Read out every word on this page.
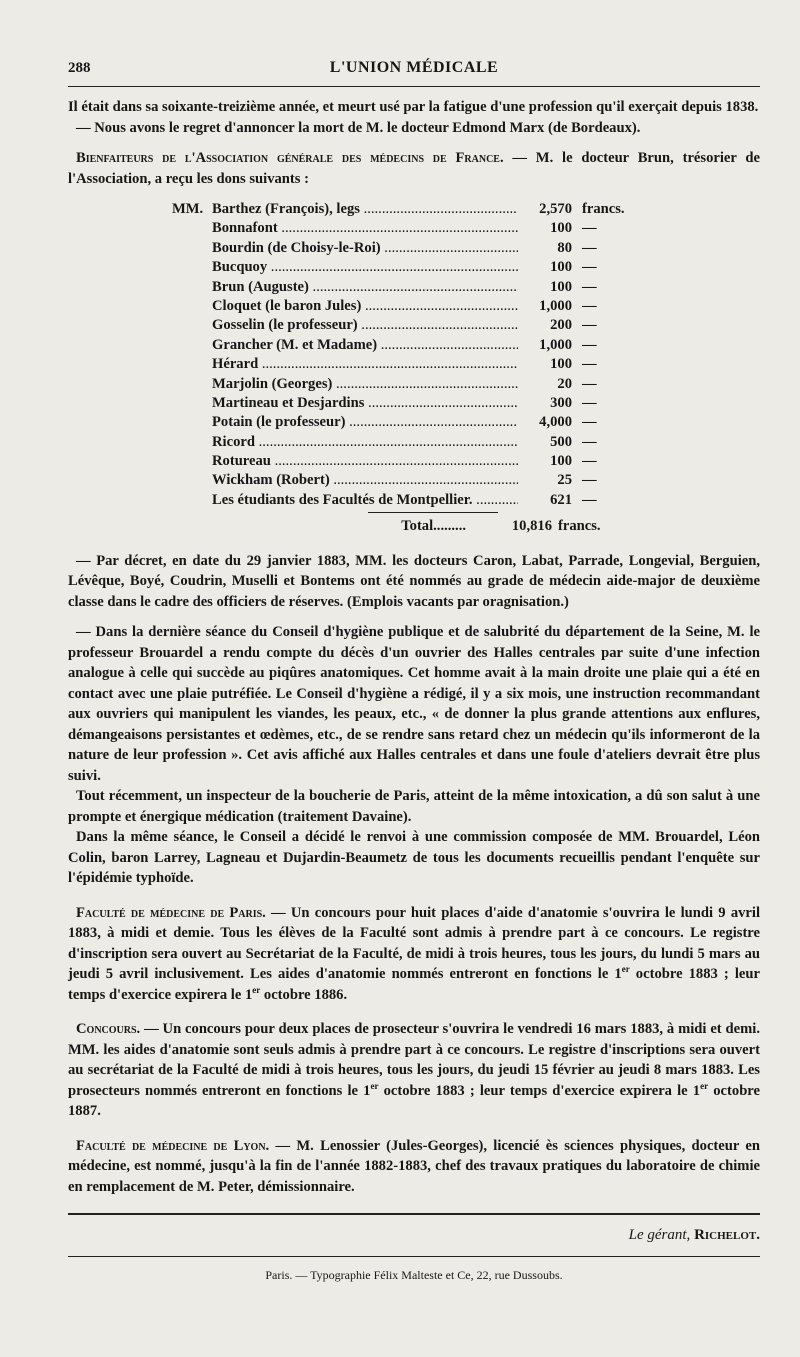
288	L'UNION MÉDICALE

Il était dans sa soixante-treizième année, et meurt usé par la fatigue d'une profession qu'il exerçait depuis 1838.

— Nous avons le regret d'annoncer la mort de M. le docteur Edmond Marx (de Bordeaux).

Bienfaiteurs de l'Association générale des médecins de France. — M. le docteur Brun, trésorier de l'Association, a reçu les dons suivants :

MM. Barthez (François), legs .....	2,570 francs.
Bonnafont .....	100 —
Bourdin (de Choisy-le-Roi) .....	80 —
Bucquoy .....	100 —
Brun (Auguste) .....	100 —
Cloquet (le baron Jules) .....	1,000 —
Gosselin (le professeur) .....	200 —
Grancher (M. et Madame) .....	1,000 —
Hérard .....	100 —
Marjolin (Georges) .....	20 —
Martineau et Desjardins .....	300 —
Potain (le professeur) .....	4,000 —
Ricord .....	500 —
Rotureau .....	100 —
Wickham (Robert) .....	25 —
Les étudiants des Facultés de Montpellier. .....	621 —
Total.........	10,816 francs.

— Par décret, en date du 29 janvier 1883, MM. les docteurs Caron, Labat, Parrade, Longevial, Berguien, Lévêque, Boyé, Coudrin, Muselli et Bontems ont été nommés au grade de médecin aide-major de deuxième classe dans le cadre des officiers de réserves. (Emplois vacants par oragnisation.)

— Dans la dernière séance du Conseil d'hygiène publique et de salubrité du département de la Seine, M. le professeur Brouardel a rendu compte du décès d'un ouvrier des Halles centrales par suite d'une infection analogue à celle qui succède au piqûres anatomiques. Cet homme avait à la main droite une plaie qui a été en contact avec une plaie putréfiée. Le Conseil d'hygiène a rédigé, il y a six mois, une instruction recommandant aux ouvriers qui manipulent les viandes, les peaux, etc., « de donner la plus grande attentions aux enflures, démangeaisons persistantes et œdèmes, etc., de se rendre sans retard chez un médecin qu'ils informeront de la nature de leur profession ». Cet avis affiché aux Halles centrales et dans une foule d'ateliers devrait être plus suivi.

Tout récemment, un inspecteur de la boucherie de Paris, atteint de la même intoxication, a dû son salut à une prompte et énergique médication (traitement Davaine).

Dans la même séance, le Conseil a décidé le renvoi à une commission composée de MM. Brouardel, Léon Colin, baron Larrey, Lagneau et Dujardin-Beaumetz de tous les documents recueillis pendant l'enquête sur l'épidémie typhoïde.

Faculté de médecine de Paris. — Un concours pour huit places d'aide d'anatomie s'ouvrira le lundi 9 avril 1883, à midi et demie. Tous les élèves de la Faculté sont admis à prendre part à ce concours. Le registre d'inscription sera ouvert au Secrétariat de la Faculté, de midi à trois heures, tous les jours, du lundi 5 mars au jeudi 5 avril inclusivement. Les aides d'anatomie nommés entreront en fonctions le 1er octobre 1883 ; leur temps d'exercice expirera le 1er octobre 1886.

Concours. — Un concours pour deux places de prosecteur s'ouvrira le vendredi 16 mars 1883, à midi et demi. MM. les aides d'anatomie sont seuls admis à prendre part à ce concours. Le registre d'inscriptions sera ouvert au secrétariat de la Faculté de midi à trois heures, tous les jours, du jeudi 15 février au jeudi 8 mars 1883. Les prosecteurs nommés entreront en fonctions le 1er octobre 1883 ; leur temps d'exercice expirera le 1er octobre 1887.

Faculté de médecine de Lyon. — M. Lenossier (Jules-Georges), licencié ès sciences physiques, docteur en médecine, est nommé, jusqu'à la fin de l'année 1882-1883, chef des travaux pratiques du laboratoire de chimie en remplacement de M. Peter, démissionnaire.

Le gérant, Richelot.
Paris. — Typographie Félix Malteste et Ce, 22, rue Dussoubs.
